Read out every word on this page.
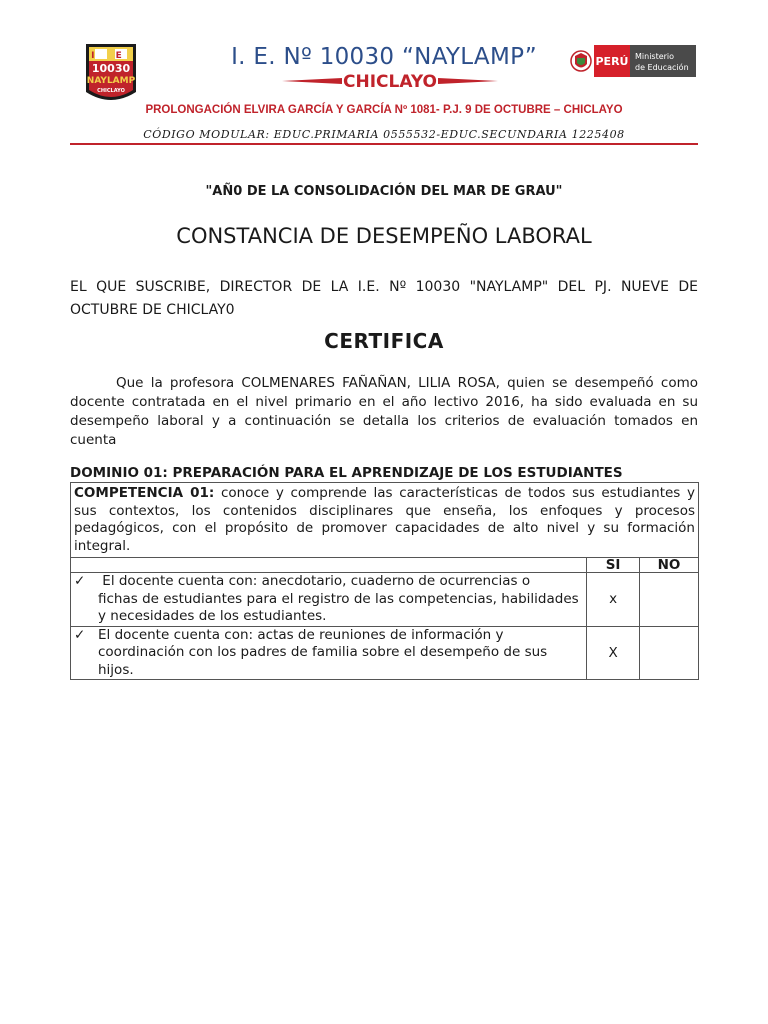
I E
10030
NAYLAMP
CHICLAYO
I. E. Nº 10030 “NAYLAMP”
CHICLAYO
PERÚ Ministerio
de Educación
PROLONGACIÓN ELVIRA GARCÍA Y GARCÍA Nº 1081- P.J. 9 DE OCTUBRE – CHICLAYO
CÓDIGO MODULAR: EDUC.PRIMARIA 0555532-EDUC.SECUNDARIA 1225408
"AÑ0 DE LA CONSOLIDACIÓN DEL MAR DE GRAU"
CONSTANCIA DE DESEMPEÑO LABORAL
EL QUE SUSCRIBE, DIRECTOR DE LA I.E. Nº 10030 "NAYLAMP" DEL PJ. NUEVE DE OCTUBRE DE CHICLAY0
CERTIFICA
Que la profesora COLMENARES FAÑAÑAN, LILIA ROSA, quien se desempeñó como docente contratada en el nivel primario en el año lectivo 2016, ha sido evaluada en su desempeño laboral y a continuación se detalla los criterios de evaluación tomados en cuenta
DOMINIO 01: PREPARACIÓN PARA EL APRENDIZAJE DE LOS ESTUDIANTES
COMPETENCIA 01: conoce y comprende las características de todos sus estudiantes y sus contextos, los contenidos disciplinares que enseña, los enfoques y procesos pedagógicos, con el propósito de promover capacidades de alto nivel y su formación integral.		
	SI	NO

✓ El docente cuenta con: anecdotario, cuaderno de ocurrencias o
fichas de estudiantes para el registro de las competencias, habilidades y necesidades de los estudiantes.	x	

✓ El docente cuenta con: actas de reuniones de información y
coordinación con los padres de familia sobre el desempeño de sus hijos.	X	
